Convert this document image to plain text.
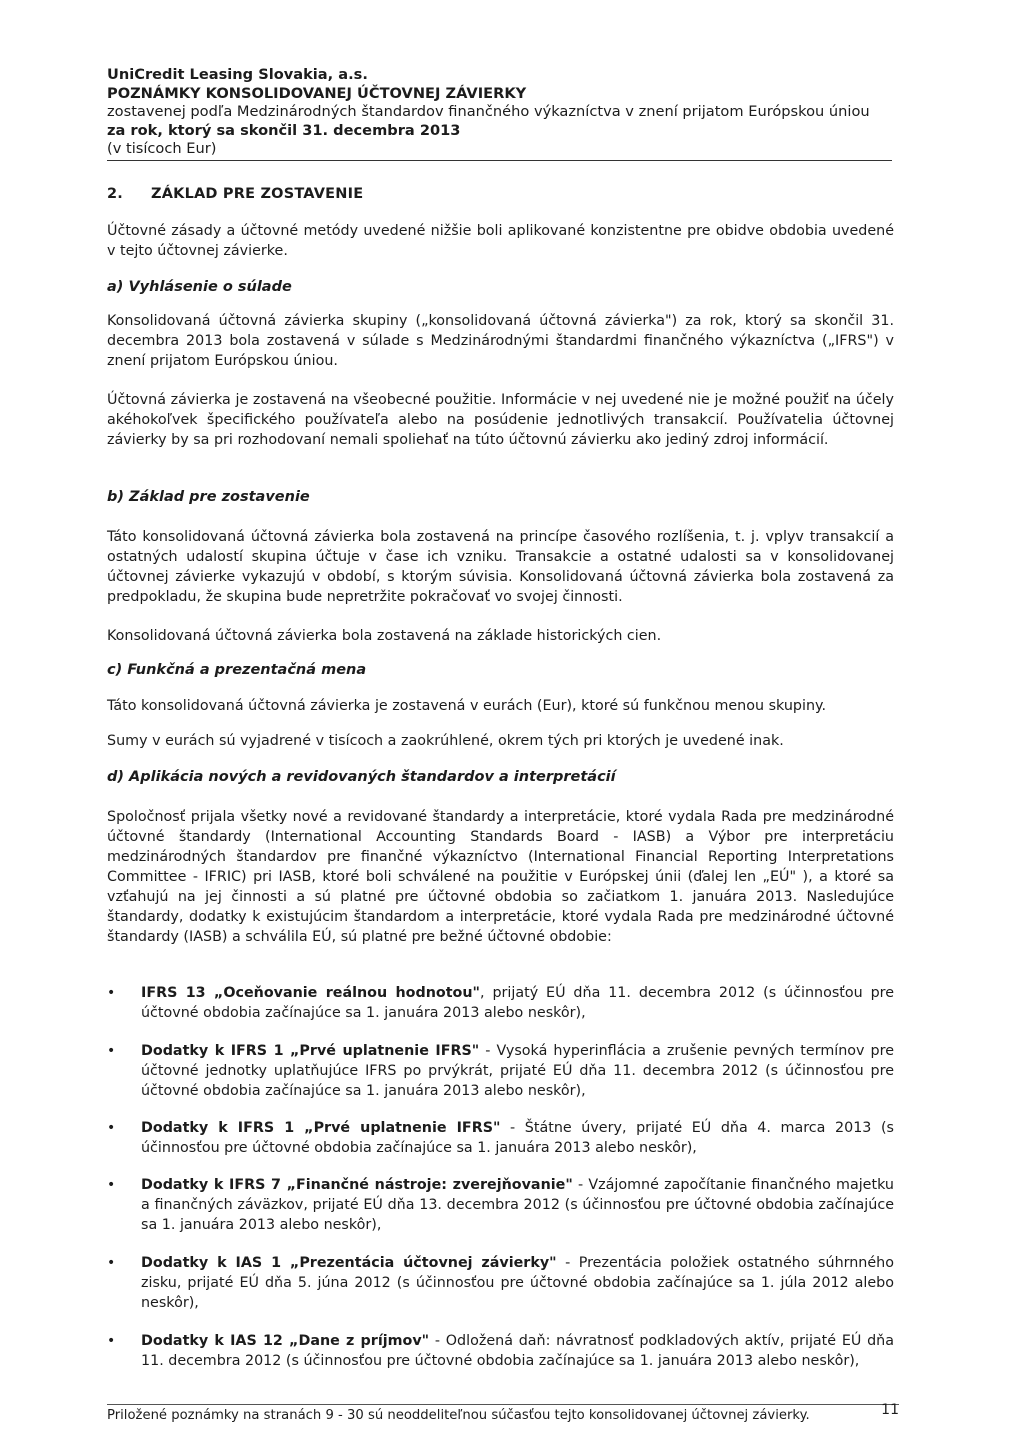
UniCredit Leasing Slovakia, a.s.
POZNÁMKY KONSOLIDOVANEJ ÚČTOVNEJ ZÁVIERKY
zostavenej podľa Medzinárodných štandardov finančného výkazníctva v znení prijatom Európskou úniou
za rok, ktorý sa skončil 31. decembra 2013
(v tisícoch Eur)
2. ZÁKLAD PRE ZOSTAVENIE

Účtovné zásady a účtovné metódy uvedené nižšie boli aplikované konzistentne pre obidve obdobia uvedené v tejto účtovnej závierke.

a) Vyhlásenie o súlade

Konsolidovaná účtovná závierka skupiny („konsolidovaná účtovná závierka") za rok, ktorý sa skončil 31. decembra 2013 bola zostavená v súlade s Medzinárodnými štandardmi finančného výkazníctva („IFRS") v znení prijatom Európskou úniou.

Účtovná závierka je zostavená na všeobecné použitie. Informácie v nej uvedené nie je možné použiť na účely akéhokoľvek špecifického používateľa alebo na posúdenie jednotlivých transakcií. Používatelia účtovnej závierky by sa pri rozhodovaní nemali spoliehať na túto účtovnú závierku ako jediný zdroj informácií.

b) Základ pre zostavenie

Táto konsolidovaná účtovná závierka bola zostavená na princípe časového rozlíšenia, t. j. vplyv transakcií a ostatných udalostí skupina účtuje v čase ich vzniku. Transakcie a ostatné udalosti sa v konsolidovanej účtovnej závierke vykazujú v období, s ktorým súvisia. Konsolidovaná účtovná závierka bola zostavená za predpokladu, že skupina bude nepretržite pokračovať vo svojej činnosti.

Konsolidovaná účtovná závierka bola zostavená na základe historických cien.

c) Funkčná a prezentačná mena

Táto konsolidovaná účtovná závierka je zostavená v eurách (Eur), ktoré sú funkčnou menou skupiny.

Sumy v eurách sú vyjadrené v tisícoch a zaokrúhlené, okrem tých pri ktorých je uvedené inak.

d) Aplikácia nových a revidovaných štandardov a interpretácií

Spoločnosť prijala všetky nové a revidované štandardy a interpretácie, ktoré vydala Rada pre medzinárodné účtovné štandardy (International Accounting Standards Board - IASB) a Výbor pre interpretáciu medzinárodných štandardov pre finančné výkazníctvo (International Financial Reporting Interpretations Committee - IFRIC) pri IASB, ktoré boli schválené na použitie v Európskej únii (ďalej len „EÚ" ), a ktoré sa vzťahujú na jej činnosti a sú platné pre účtovné obdobia so začiatkom 1. januára 2013. Nasledujúce štandardy, dodatky k existujúcim štandardom a interpretácie, ktoré vydala Rada pre medzinárodné účtovné štandardy (IASB) a schválila EÚ, sú platné pre bežné účtovné obdobie:

• IFRS 13 „Oceňovanie reálnou hodnotou", prijatý EÚ dňa 11. decembra 2012 (s účinnosťou pre účtovné obdobia začínajúce sa 1. januára 2013 alebo neskôr),
• Dodatky k IFRS 1 „Prvé uplatnenie IFRS" - Vysoká hyperinflácia a zrušenie pevných termínov pre účtovné jednotky uplatňujúce IFRS po prvýkrát, prijaté EÚ dňa 11. decembra 2012 (s účinnosťou pre účtovné obdobia začínajúce sa 1. januára 2013 alebo neskôr),
• Dodatky k IFRS 1 „Prvé uplatnenie IFRS" - Štátne úvery, prijaté EÚ dňa 4. marca 2013 (s účinnosťou pre účtovné obdobia začínajúce sa 1. januára 2013 alebo neskôr),
• Dodatky k IFRS 7 „Finančné nástroje: zverejňovanie" - Vzájomné započítanie finančného majetku a finančných záväzkov, prijaté EÚ dňa 13. decembra 2012 (s účinnosťou pre účtovné obdobia začínajúce sa 1. januára 2013 alebo neskôr),
• Dodatky k IAS 1 „Prezentácia účtovnej závierky" - Prezentácia položiek ostatného súhrnného zisku, prijaté EÚ dňa 5. júna 2012 (s účinnosťou pre účtovné obdobia začínajúce sa 1. júla 2012 alebo neskôr),
• Dodatky k IAS 12 „Dane z príjmov" - Odložená daň: návratnosť podkladových aktív, prijaté EÚ dňa 11. decembra 2012 (s účinnosťou pre účtovné obdobia začínajúce sa 1. januára 2013 alebo neskôr),
Priložené poznámky na stranách 9 - 30 sú neoddeliteľnou súčasťou tejto konsolidovanej účtovnej závierky.	11
